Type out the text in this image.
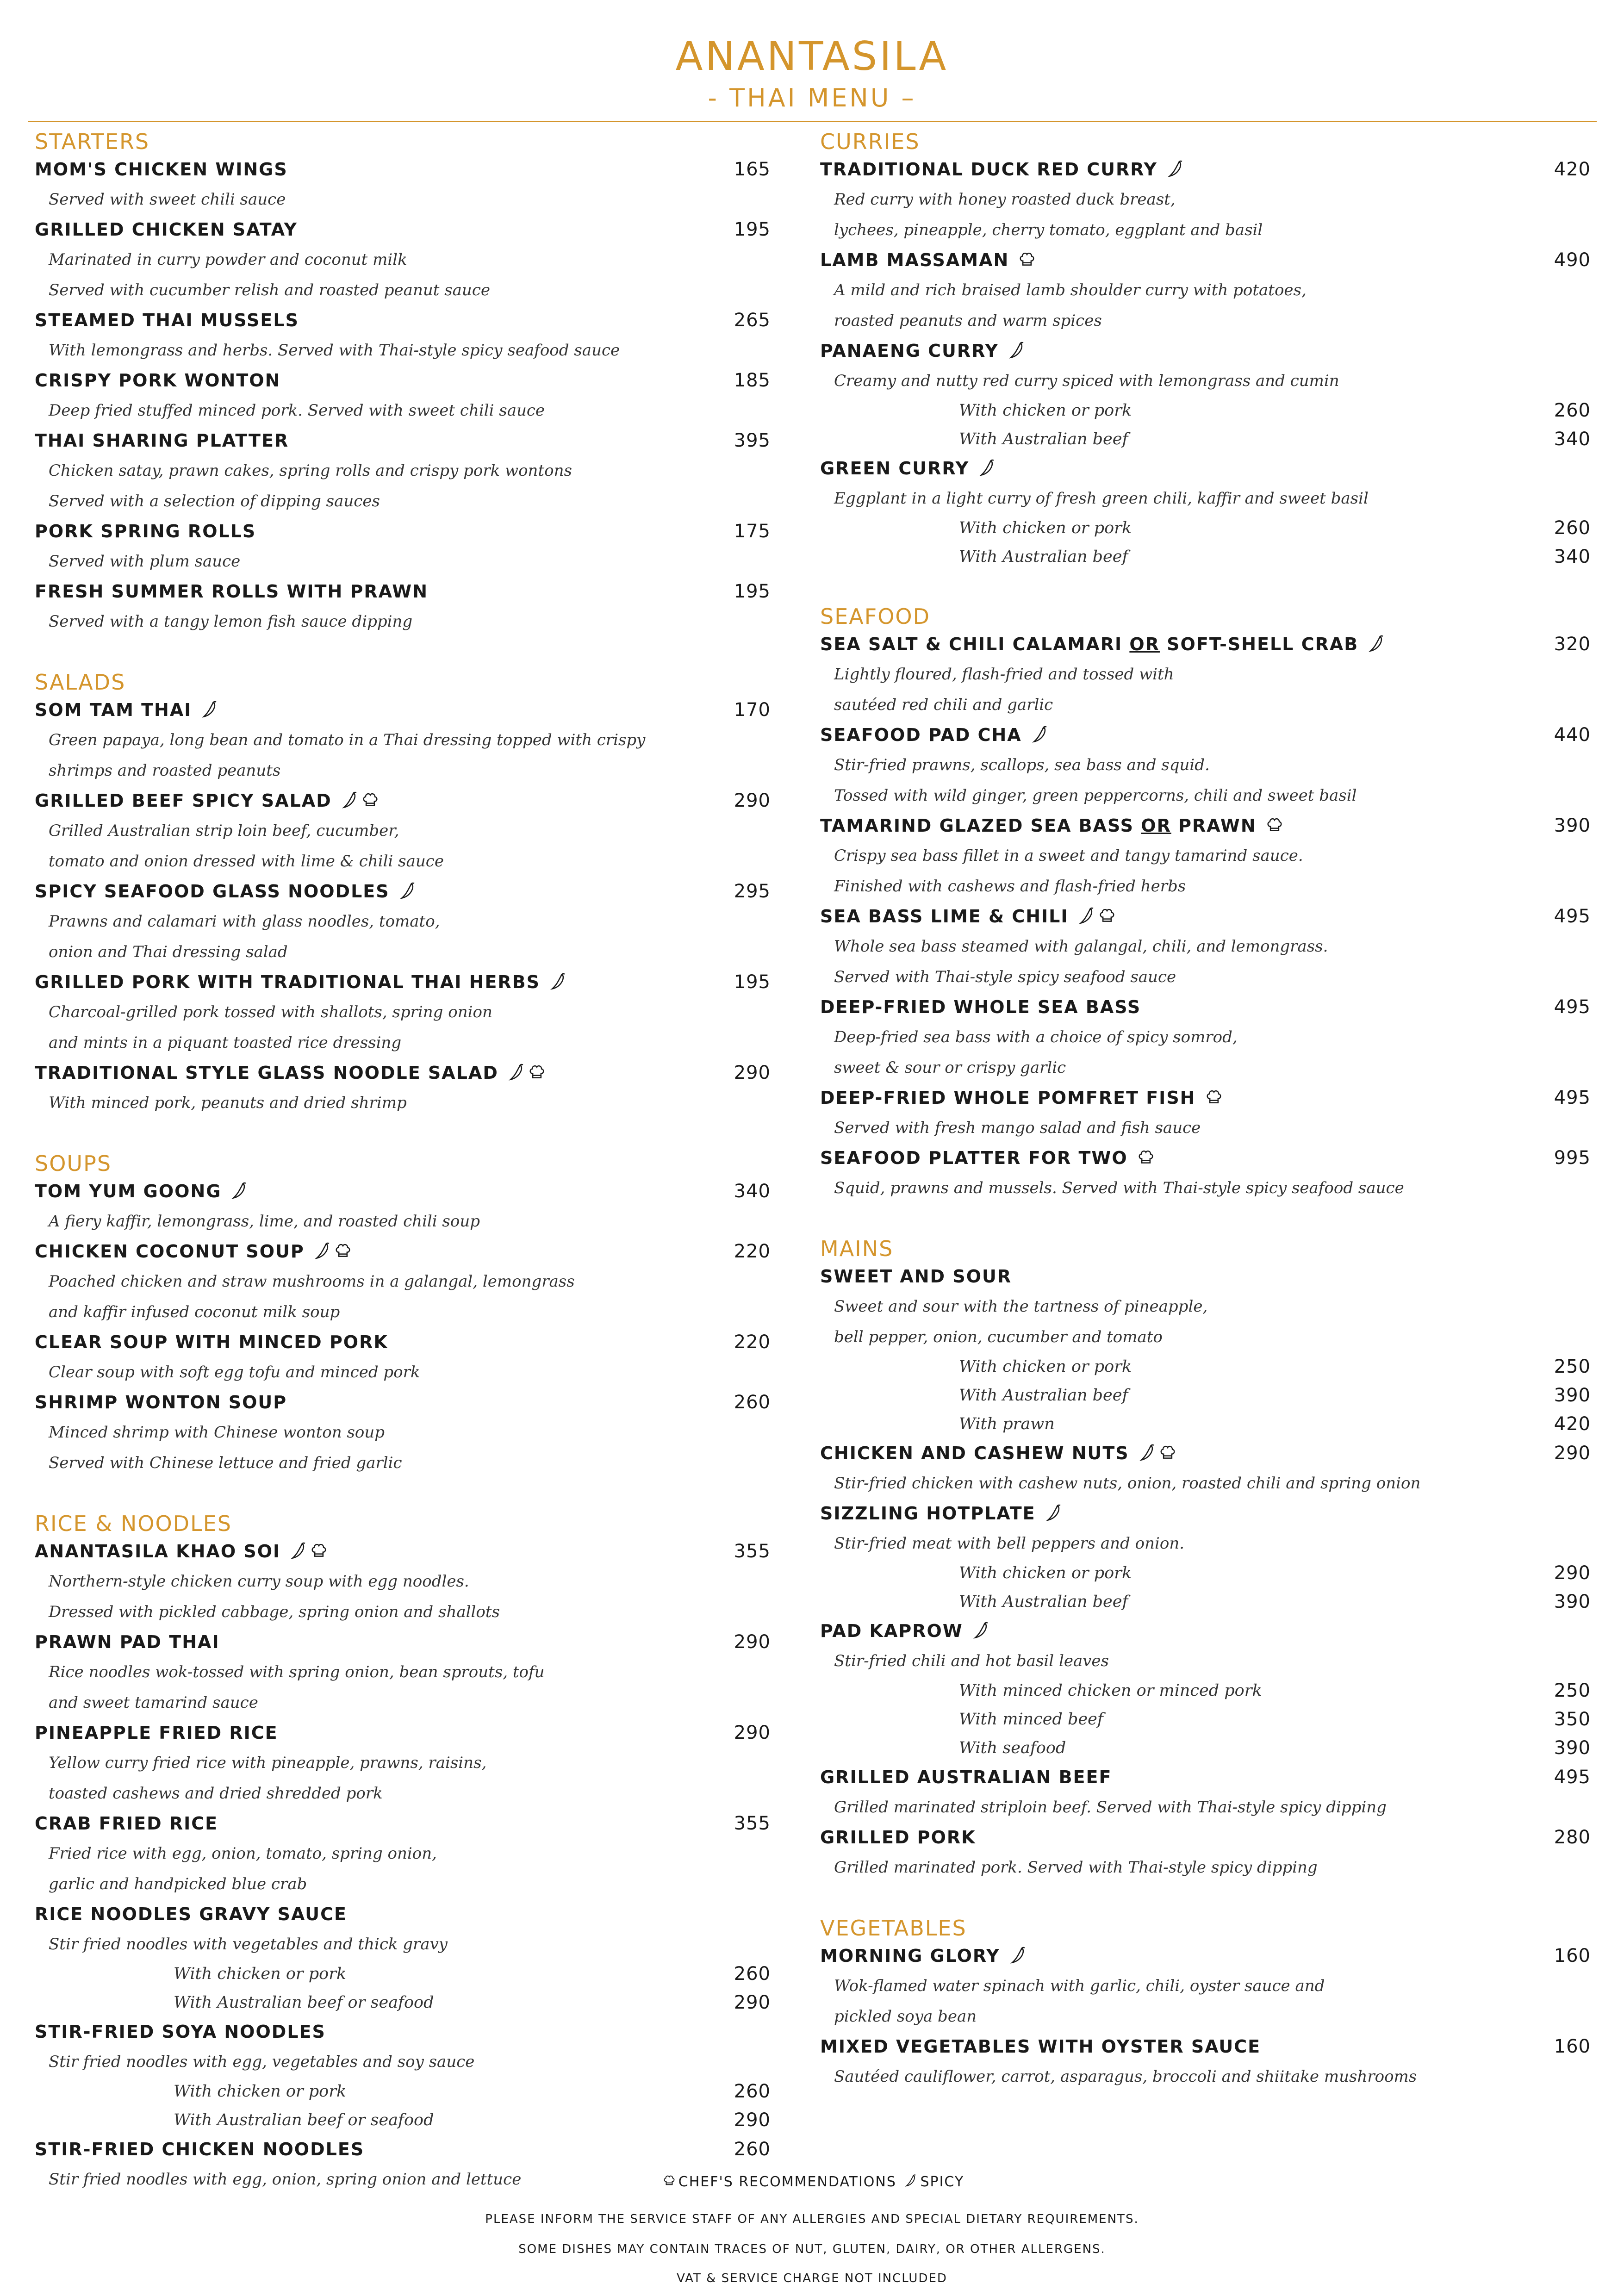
ANANTASILA
- THAI MENU –
STARTERS
MOM'S CHICKEN WINGS	165
Served with sweet chili sauce
GRILLED CHICKEN SATAY	195
Marinated in curry powder and coconut milk
Served with cucumber relish and roasted peanut sauce
STEAMED THAI MUSSELS	265
With lemongrass and herbs. Served with Thai-style spicy seafood sauce
CRISPY PORK WONTON	185
Deep fried stuffed minced pork. Served with sweet chili sauce
THAI SHARING PLATTER	395
Chicken satay, prawn cakes, spring rolls and crispy pork wontons
Served with a selection of dipping sauces
PORK SPRING ROLLS	175
Served with plum sauce
FRESH SUMMER ROLLS WITH PRAWN	195
Served with a tangy lemon fish sauce dipping
SALADS
SOM TAM THAI	170
Green papaya, long bean and tomato in a Thai dressing topped with crispy
shrimps and roasted peanuts
GRILLED BEEF SPICY SALAD	290
Grilled Australian strip loin beef, cucumber,
tomato and onion dressed with lime & chili sauce
SPICY SEAFOOD GLASS NOODLES	295
Prawns and calamari with glass noodles, tomato,
onion and Thai dressing salad
GRILLED PORK WITH TRADITIONAL THAI HERBS	195
Charcoal-grilled pork tossed with shallots, spring onion
and mints in a piquant toasted rice dressing
TRADITIONAL STYLE GLASS NOODLE SALAD	290
With minced pork, peanuts and dried shrimp
SOUPS
TOM YUM GOONG	340
A fiery kaffir, lemongrass, lime, and roasted chili soup
CHICKEN COCONUT SOUP	220
Poached chicken and straw mushrooms in a galangal, lemongrass
and kaffir infused coconut milk soup
CLEAR SOUP WITH MINCED PORK	220
Clear soup with soft egg tofu and minced pork
SHRIMP WONTON SOUP	260
Minced shrimp with Chinese wonton soup
Served with Chinese lettuce and fried garlic
RICE & NOODLES
ANANTASILA KHAO SOI	355
Northern-style chicken curry soup with egg noodles.
Dressed with pickled cabbage, spring onion and shallots
PRAWN PAD THAI	290
Rice noodles wok-tossed with spring onion, bean sprouts, tofu
and sweet tamarind sauce
PINEAPPLE FRIED RICE	290
Yellow curry fried rice with pineapple, prawns, raisins,
toasted cashews and dried shredded pork
CRAB FRIED RICE	355
Fried rice with egg, onion, tomato, spring onion,
garlic and handpicked blue crab
RICE NOODLES GRAVY SAUCE
Stir fried noodles with vegetables and thick gravy
With chicken or pork	260
With Australian beef or seafood	290
STIR-FRIED SOYA NOODLES
Stir fried noodles with egg, vegetables and soy sauce
With chicken or pork	260
With Australian beef or seafood	290
STIR-FRIED CHICKEN NOODLES	260
Stir fried noodles with egg, onion, spring onion and lettuce
CURRIES
TRADITIONAL DUCK RED CURRY	420
Red curry with honey roasted duck breast,
lychees, pineapple, cherry tomato, eggplant and basil
LAMB MASSAMAN	490
A mild and rich braised lamb shoulder curry with potatoes,
roasted peanuts and warm spices
PANAENG CURRY
Creamy and nutty red curry spiced with lemongrass and cumin
With chicken or pork	260
With Australian beef	340
GREEN CURRY
Eggplant in a light curry of fresh green chili, kaffir and sweet basil
With chicken or pork	260
With Australian beef	340
SEAFOOD
SEA SALT & CHILI CALAMARI OR SOFT-SHELL CRAB	320
Lightly floured, flash-fried and tossed with
sautéed red chili and garlic
SEAFOOD PAD CHA	440
Stir-fried prawns, scallops, sea bass and squid.
Tossed with wild ginger, green peppercorns, chili and sweet basil
TAMARIND GLAZED SEA BASS OR PRAWN	390
Crispy sea bass fillet in a sweet and tangy tamarind sauce.
Finished with cashews and flash-fried herbs
SEA BASS LIME & CHILI	495
Whole sea bass steamed with galangal, chili, and lemongrass.
Served with Thai-style spicy seafood sauce
DEEP-FRIED WHOLE SEA BASS	495
Deep-fried sea bass with a choice of spicy somrod,
sweet & sour or crispy garlic
DEEP-FRIED WHOLE POMFRET FISH	495
Served with fresh mango salad and fish sauce
SEAFOOD PLATTER FOR TWO	995
Squid, prawns and mussels. Served with Thai-style spicy seafood sauce
MAINS
SWEET AND SOUR
Sweet and sour with the tartness of pineapple,
bell pepper, onion, cucumber and tomato
With chicken or pork	250
With Australian beef	390
With prawn	420
CHICKEN AND CASHEW NUTS	290
Stir-fried chicken with cashew nuts, onion, roasted chili and spring onion
SIZZLING HOTPLATE
Stir-fried meat with bell peppers and onion.
With chicken or pork	290
With Australian beef	390
PAD KAPROW
Stir-fried chili and hot basil leaves
With minced chicken or minced pork	250
With minced beef	350
With seafood	390
GRILLED AUSTRALIAN BEEF	495
Grilled marinated striploin beef. Served with Thai-style spicy dipping
GRILLED PORK	280
Grilled marinated pork. Served with Thai-style spicy dipping
VEGETABLES
MORNING GLORY	160
Wok-flamed water spinach with garlic, chili, oyster sauce and
pickled soya bean
MIXED VEGETABLES WITH OYSTER SAUCE	160
Sautéed cauliflower, carrot, asparagus, broccoli and shiitake mushrooms
CHEF'S RECOMMENDATIONS SPICY
PLEASE INFORM THE SERVICE STAFF OF ANY ALLERGIES AND SPECIAL DIETARY REQUIREMENTS.
SOME DISHES MAY CONTAIN TRACES OF NUT, GLUTEN, DAIRY, OR OTHER ALLERGENS.
VAT & SERVICE CHARGE NOT INCLUDED
